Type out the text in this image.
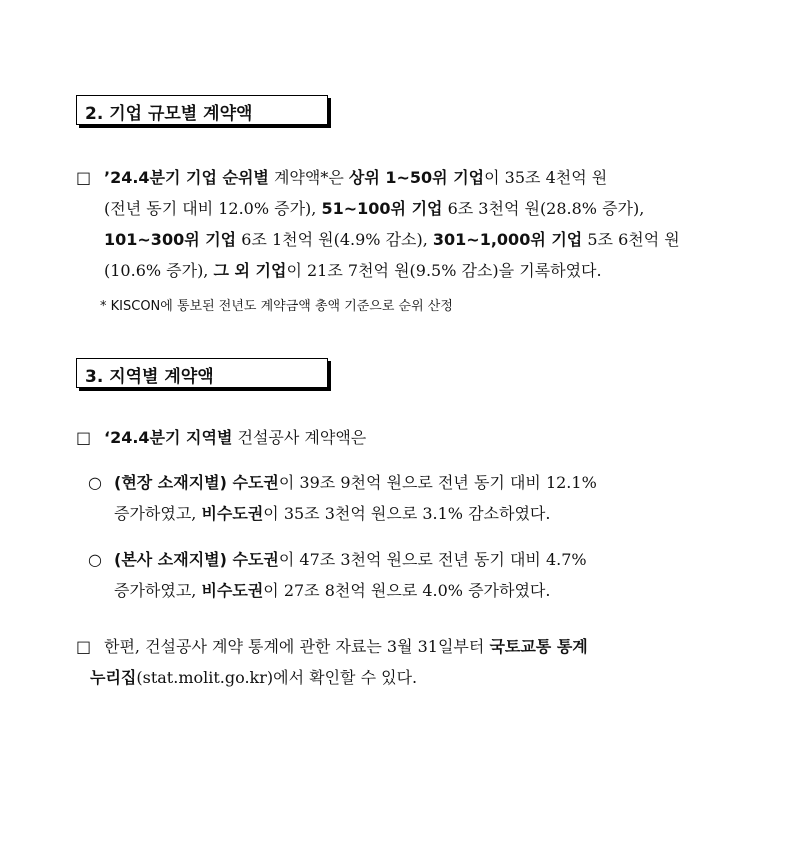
2. 기업 규모별 계약액
□ ’24.4분기 기업 순위별 계약액*은 상위 1~50위 기업이 35조 4천억 원
(전년 동기 대비 12.0% 증가), 51~100위 기업 6조 3천억 원(28.8% 증가),
101~300위 기업 6조 1천억 원(4.9% 감소), 301~1,000위 기업 5조 6천억 원
(10.6% 증가), 그 외 기업이 21조 7천억 원(9.5% 감소)을 기록하였다.
* KISCON에 통보된 전년도 계약금액 총액 기준으로 순위 산정
3. 지역별 계약액
□ ‘24.4분기 지역별 건설공사 계약액은
○ (현장 소재지별) 수도권이 39조 9천억 원으로 전년 동기 대비 12.1%
증가하였고, 비수도권이 35조 3천억 원으로 3.1% 감소하였다.
○ (본사 소재지별) 수도권이 47조 3천억 원으로 전년 동기 대비 4.7%
증가하였고, 비수도권이 27조 8천억 원으로 4.0% 증가하였다.
□ 한편, 건설공사 계약 통계에 관한 자료는 3월 31일부터 국토교통 통계
누리집(stat.molit.go.kr)에서 확인할 수 있다.
